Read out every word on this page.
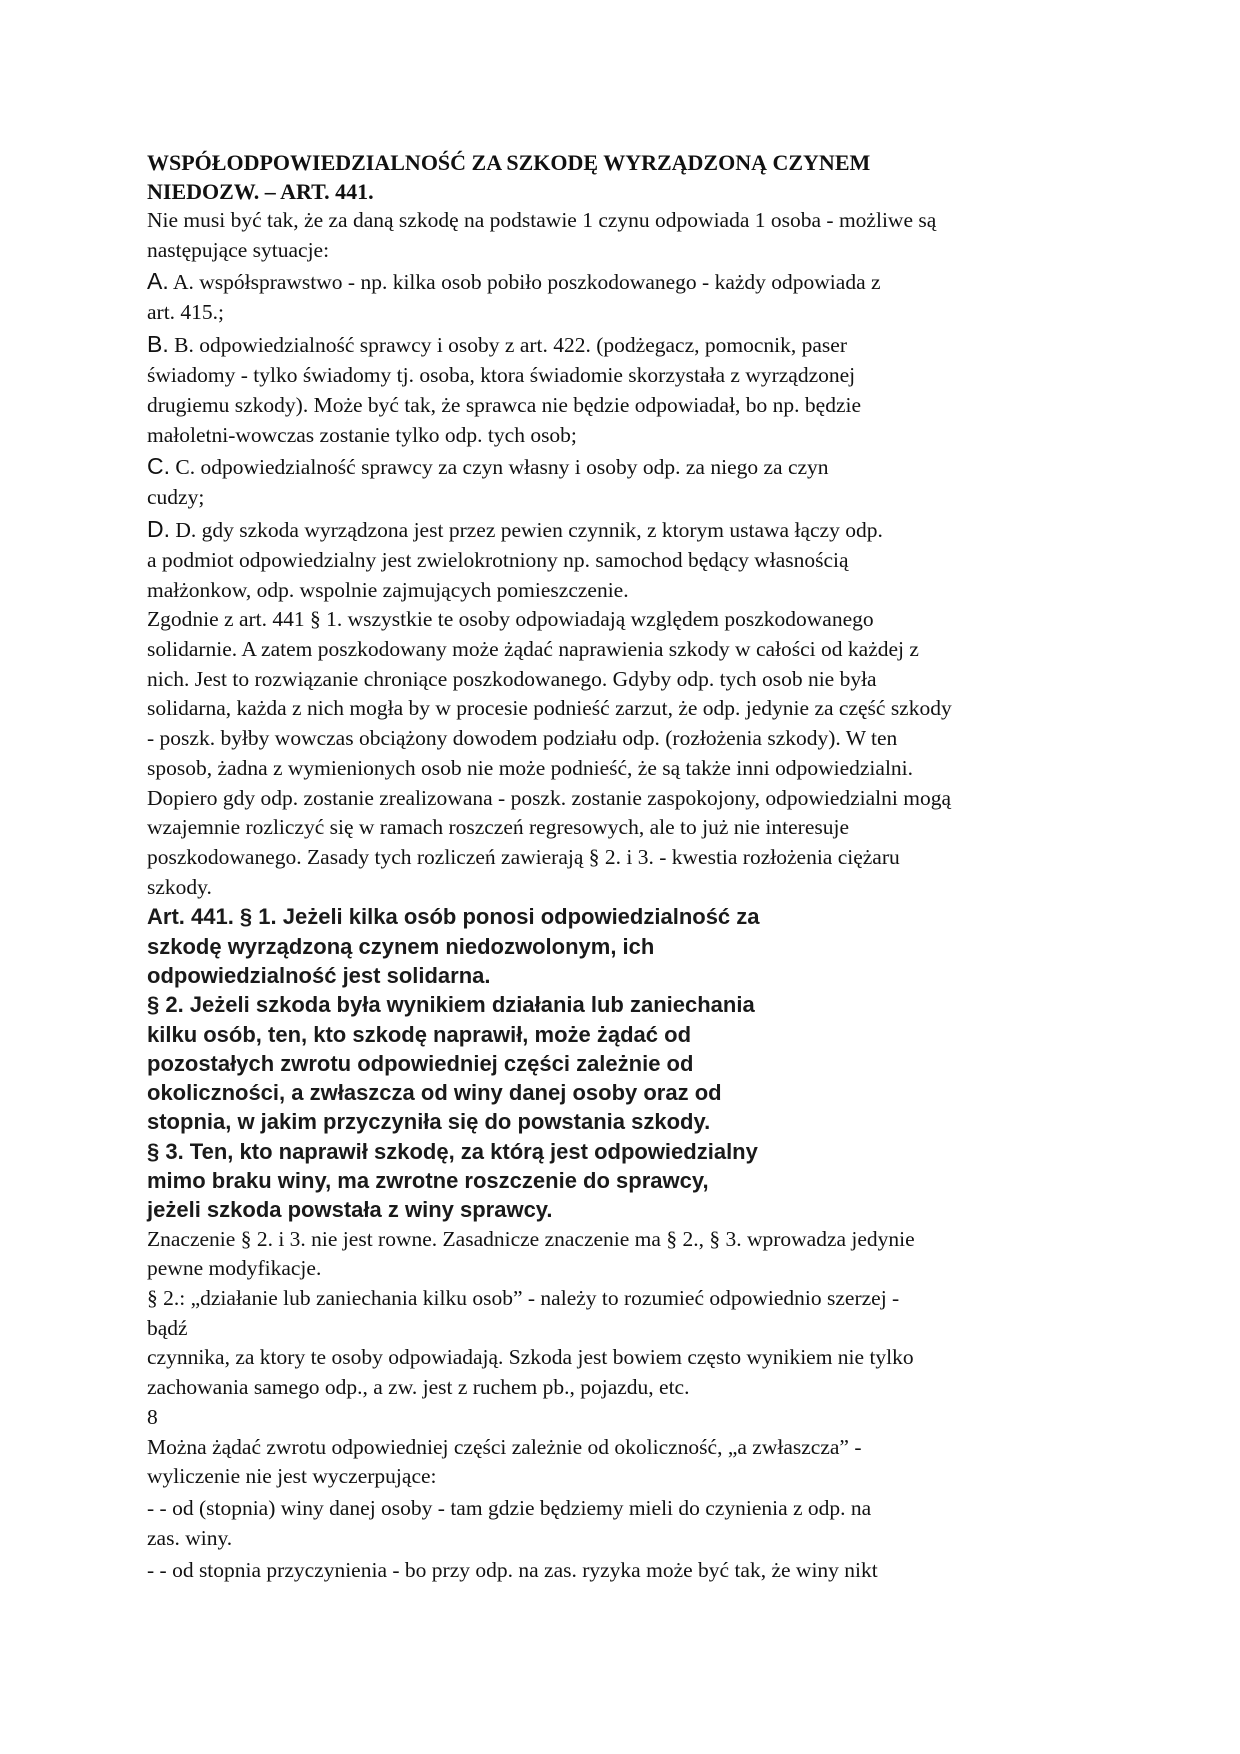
WSPÓŁODPOWIEDZIALNOŚĆ ZA SZKODĘ WYRZĄDZONĄ CZYNEM
NIEDOZW. – ART. 441.

Nie musi być tak, że za daną szkodę na podstawie 1 czynu odpowiada 1 osoba - możliwe są

następujące sytuacje:

A. A. współsprawstwo - np. kilka osob pobiło poszkodowanego - każdy odpowiada z

art. 415.;

B. B. odpowiedzialność sprawcy i osoby z art. 422. (podżegacz, pomocnik, paser

świadomy - tylko świadomy tj. osoba, ktora świadomie skorzystała z wyrządzonej

drugiemu szkody). Może być tak, że sprawca nie będzie odpowiadał, bo np. będzie

małoletni-wowczas zostanie tylko odp. tych osob;

C. C. odpowiedzialność sprawcy za czyn własny i osoby odp. za niego za czyn

cudzy;

D. D. gdy szkoda wyrządzona jest przez pewien czynnik, z ktorym ustawa łączy odp.

a podmiot odpowiedzialny jest zwielokrotniony np. samochod będący własnością

małżonkow, odp. wspolnie zajmujących pomieszczenie.

Zgodnie z art. 441 § 1. wszystkie te osoby odpowiadają względem poszkodowanego

solidarnie. A zatem poszkodowany może żądać naprawienia szkody w całości od każdej z

nich. Jest to rozwiązanie chroniące poszkodowanego. Gdyby odp. tych osob nie była

solidarna, każda z nich mogła by w procesie podnieść zarzut, że odp. jedynie za część szkody

- poszk. byłby wowczas obciążony dowodem podziału odp. (rozłożenia szkody). W ten

sposob, żadna z wymienionych osob nie może podnieść, że są także inni odpowiedzialni.

Dopiero gdy odp. zostanie zrealizowana - poszk. zostanie zaspokojony, odpowiedzialni mogą

wzajemnie rozliczyć się w ramach roszczeń regresowych, ale to już nie interesuje

poszkodowanego. Zasady tych rozliczeń zawierają § 2. i 3. - kwestia rozłożenia ciężaru

szkody.

Art. 441. § 1. Jeżeli kilka osób ponosi odpowiedzialność za

szkodę wyrządzoną czynem niedozwolonym, ich

odpowiedzialność jest solidarna.

§ 2. Jeżeli szkoda była wynikiem działania lub zaniechania

kilku osób, ten, kto szkodę naprawił, może żądać od

pozostałych zwrotu odpowiedniej części zależnie od

okoliczności, a zwłaszcza od winy danej osoby oraz od

stopnia, w jakim przyczyniła się do powstania szkody.

§ 3. Ten, kto naprawił szkodę, za którą jest odpowiedzialny

mimo braku winy, ma zwrotne roszczenie do sprawcy,

jeżeli szkoda powstała z winy sprawcy.

Znaczenie § 2. i 3. nie jest rowne. Zasadnicze znaczenie ma § 2., § 3. wprowadza jedynie

pewne modyfikacje.

§ 2.: „działanie lub zaniechania kilku osob” - należy to rozumieć odpowiednio szerzej -

bądź

czynnika, za ktory te osoby odpowiadają. Szkoda jest bowiem często wynikiem nie tylko

zachowania samego odp., a zw. jest z ruchem pb., pojazdu, etc.

8

Można żądać zwrotu odpowiedniej części zależnie od okoliczność, „a zwłaszcza” -

wyliczenie nie jest wyczerpujące:

- - od (stopnia) winy danej osoby - tam gdzie będziemy mieli do czynienia z odp. na

zas. winy.

- - od stopnia przyczynienia - bo przy odp. na zas. ryzyka może być tak, że winy nikt
